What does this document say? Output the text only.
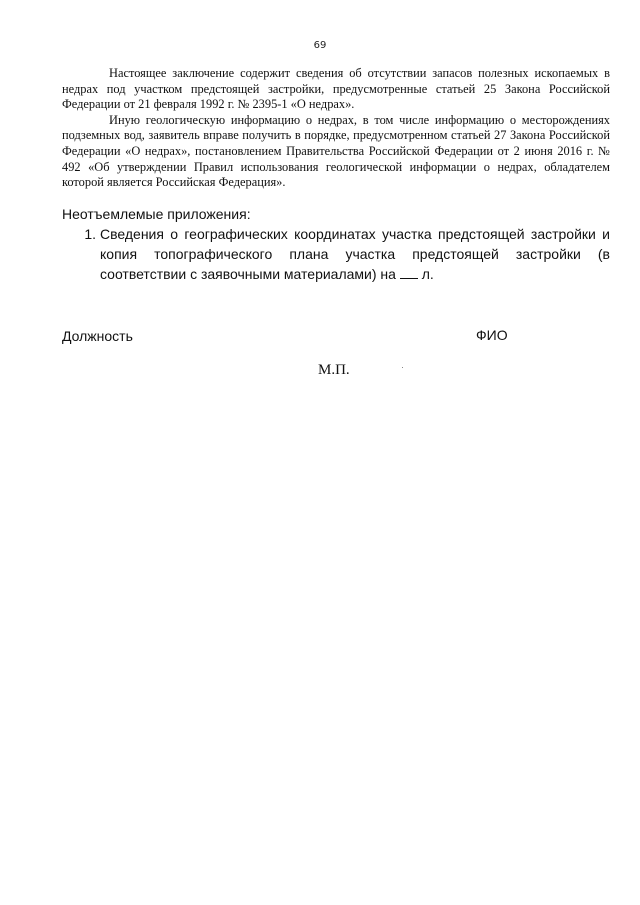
69

Настоящее заключение содержит сведения об отсутствии запасов полезных ископаемых в недрах под участком предстоящей застройки, предусмотренные статьей 25 Закона Российской Федерации от 21 февраля 1992 г. № 2395-1 «О недрах».

Иную геологическую информацию о недрах, в том числе информацию о месторождениях подземных вод, заявитель вправе получить в порядке, предусмотренном статьей 27 Закона Российской Федерации «О недрах», постановлением Правительства Российской Федерации от 2 июня 2016 г. № 492 «Об утверждении Правил использования геологической информации о недрах, обладателем которой является Российская Федерация».

Неотъемлемые приложения:
1. Сведения о географических координатах участка предстоящей застройки и копия топографического плана участка предстоящей застройки (в соответствии с заявочными материалами) на л.
Должность	ФИО
М.П.
